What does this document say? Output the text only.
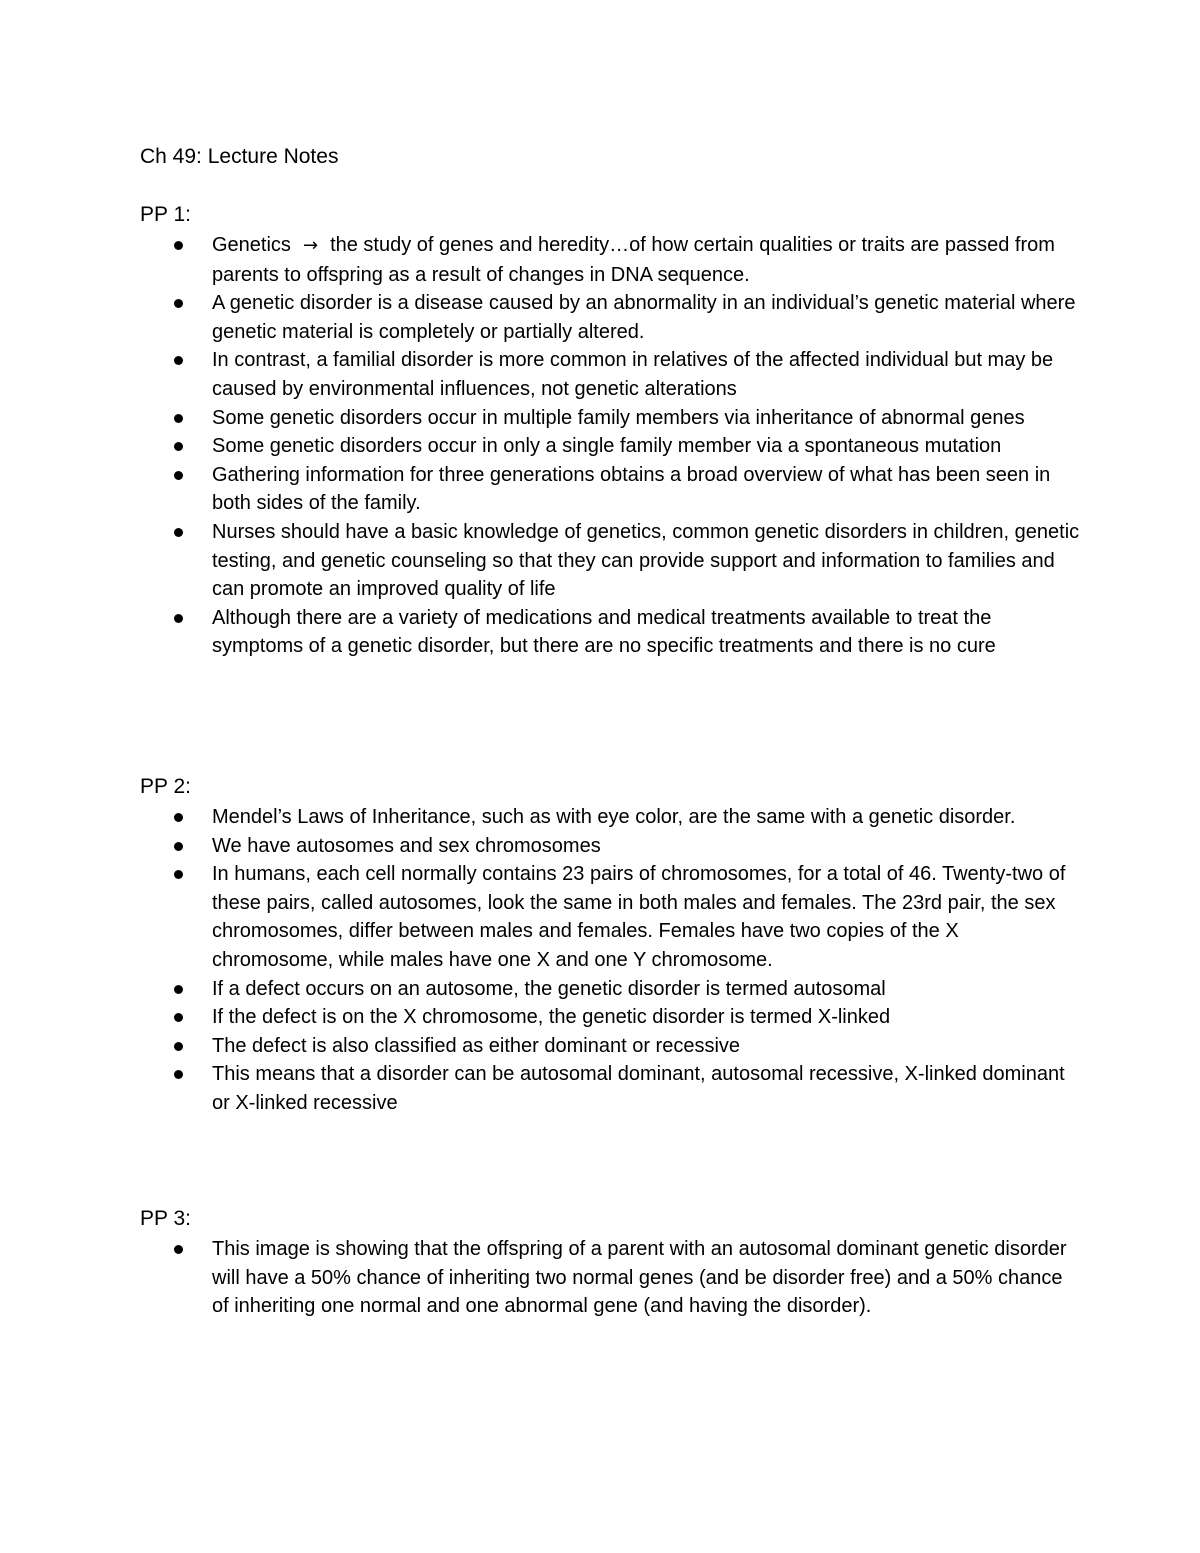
Ch 49: Lecture Notes
PP 1:
Genetics → the study of genes and heredity…of how certain qualities or traits are passed from parents to offspring as a result of changes in DNA sequence.
A genetic disorder is a disease caused by an abnormality in an individual’s genetic material where genetic material is completely or partially altered.
In contrast, a familial disorder is more common in relatives of the affected individual but may be caused by environmental influences, not genetic alterations
Some genetic disorders occur in multiple family members via inheritance of abnormal genes
Some genetic disorders occur in only a single family member via a spontaneous mutation
Gathering information for three generations obtains a broad overview of what has been seen in both sides of the family.
Nurses should have a basic knowledge of genetics, common genetic disorders in children, genetic testing, and genetic counseling so that they can provide support and information to families and can promote an improved quality of life
Although there are a variety of medications and medical treatments available to treat the symptoms of a genetic disorder, but there are no specific treatments and there is no cure
PP 2:
Mendel’s Laws of Inheritance, such as with eye color, are the same with a genetic disorder.
We have autosomes and sex chromosomes
In humans, each cell normally contains 23 pairs of chromosomes, for a total of 46. Twenty-two of these pairs, called autosomes, look the same in both males and females. The 23rd pair, the sex chromosomes, differ between males and females. Females have two copies of the X chromosome, while males have one X and one Y chromosome.
If a defect occurs on an autosome, the genetic disorder is termed autosomal
If the defect is on the X chromosome, the genetic disorder is termed X-linked
The defect is also classified as either dominant or recessive
This means that a disorder can be autosomal dominant, autosomal recessive, X-linked dominant or X-linked recessive
PP 3:
This image is showing that the offspring of a parent with an autosomal dominant genetic disorder will have a 50% chance of inheriting two normal genes (and be disorder free) and a 50% chance of inheriting one normal and one abnormal gene (and having the disorder).
